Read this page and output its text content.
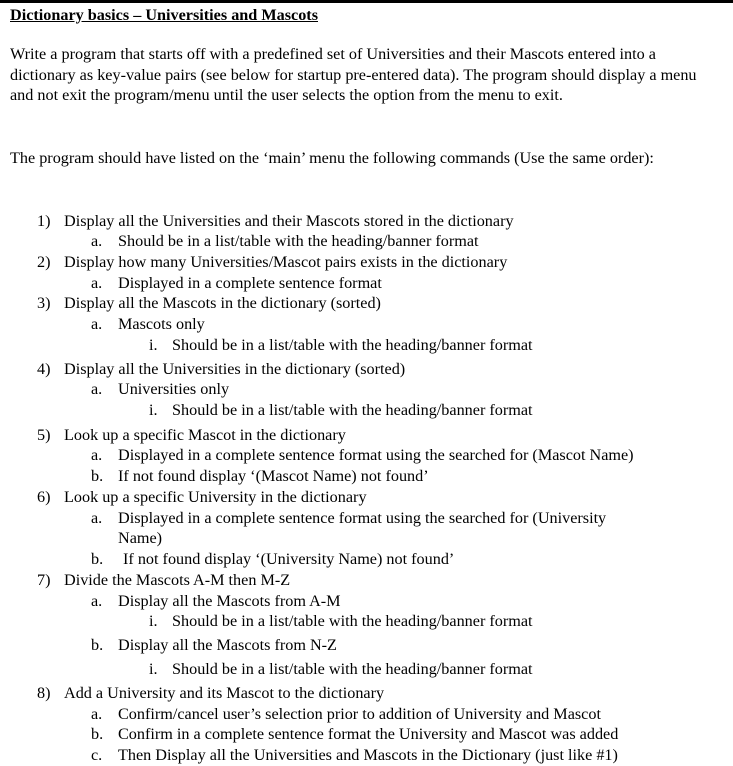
Dictionary basics – Universities and Mascots
Write a program that starts off with a predefined set of Universities and their Mascots entered into a dictionary as key-value pairs (see below for startup pre-entered data). The program should display a menu and not exit the program/menu until the user selects the option from the menu to exit.
The program should have listed on the ‘main’ menu the following commands (Use the same order):
1) Display all the Universities and their Mascots stored in the dictionary
a. Should be in a list/table with the heading/banner format
2) Display how many Universities/Mascot pairs exists in the dictionary
a. Displayed in a complete sentence format
3) Display all the Mascots in the dictionary (sorted)
a. Mascots only
i. Should be in a list/table with the heading/banner format
4) Display all the Universities in the dictionary (sorted)
a. Universities only
i. Should be in a list/table with the heading/banner format
5) Look up a specific Mascot in the dictionary
a. Displayed in a complete sentence format using the searched for (Mascot Name)
b. If not found display ‘(Mascot Name) not found’
6) Look up a specific University in the dictionary
a. Displayed in a complete sentence format using the searched for (University
Name)
b. If not found display ‘(University Name) not found’
7) Divide the Mascots A-M then M-Z
a. Display all the Mascots from A-M
i. Should be in a list/table with the heading/banner format
b. Display all the Mascots from N-Z
i. Should be in a list/table with the heading/banner format
8) Add a University and its Mascot to the dictionary
a. Confirm/cancel user’s selection prior to addition of University and Mascot
b. Confirm in a complete sentence format the University and Mascot was added
c. Then Display all the Universities and Mascots in the Dictionary (just like #1)
